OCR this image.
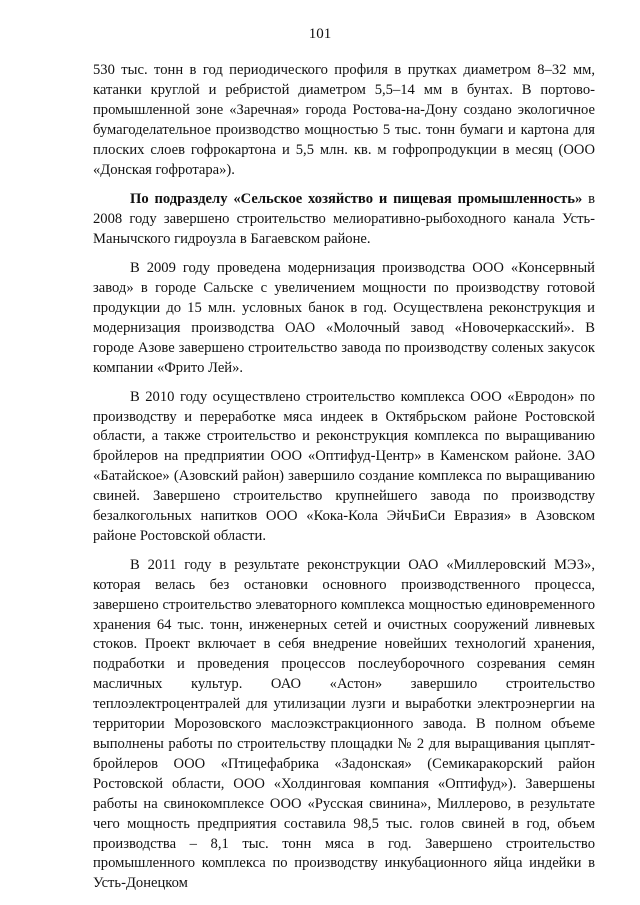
101

530 тыс. тонн в год периодического профиля в прутках диаметром 8–32 мм, катанки круглой и ребристой диаметром 5,5–14 мм в бунтах. В портово-промышленной зоне «Заречная» города Ростова-на-Дону создано экологичное бумагоделательное производство мощностью 5 тыс. тонн бумаги и картона для плоских слоев гофрокартона и 5,5 млн. кв. м гофропродукции в месяц (ООО «Донская гофротара»).

По подразделу «Сельское хозяйство и пищевая промышленность» в 2008 году завершено строительство мелиоративно-рыбоходного канала Усть-Манычского гидроузла в Багаевском районе.

В 2009 году проведена модернизация производства ООО «Консервный завод» в городе Сальске с увеличением мощности по производству готовой продукции до 15 млн. условных банок в год. Осуществлена реконструкция и модернизация производства ОАО «Молочный завод «Новочеркасский». В городе Азове завершено строительство завода по производству соленых закусок компании «Фрито Лей».

В 2010 году осуществлено строительство комплекса ООО «Евродон» по производству и переработке мяса индеек в Октябрьском районе Ростовской области, а также строительство и реконструкция комплекса по выращиванию бройлеров на предприятии ООО «Оптифуд-Центр» в Каменском районе. ЗАО «Батайское» (Азовский район) завершило создание комплекса по выращиванию свиней. Завершено строительство крупнейшего завода по производству безалкогольных напитков ООО «Кока-Кола ЭйчБиСи Евразия» в Азовском районе Ростовской области.

В 2011 году в результате реконструкции ОАО «Миллеровский МЭЗ», которая велась без остановки основного производственного процесса, завершено строительство элеваторного комплекса мощностью единовременного хранения 64 тыс. тонн, инженерных сетей и очистных сооружений ливневых стоков. Проект включает в себя внедрение новейших технологий хранения, подработки и проведения процессов послеуборочного созревания семян масличных культур. ОАО «Астон» завершило строительство теплоэлектроцентралей для утилизации лузги и выработки электроэнергии на территории Морозовского маслоэкстракционного завода. В полном объеме выполнены работы по строительству площадки № 2 для выращивания цыплят-бройлеров ООО «Птицефабрика «Задонская» (Семикаракорский район Ростовской области, ООО «Холдинговая компания «Оптифуд»). Завершены работы на свинокомплексе ООО «Русская свинина», Миллерово, в результате чего мощность предприятия составила 98,5 тыс. голов свиней в год, объем производства – 8,1 тыс. тонн мяса в год. Завершено строительство промышленного комплекса по производству инкубационного яйца индейки в Усть-Донецком
